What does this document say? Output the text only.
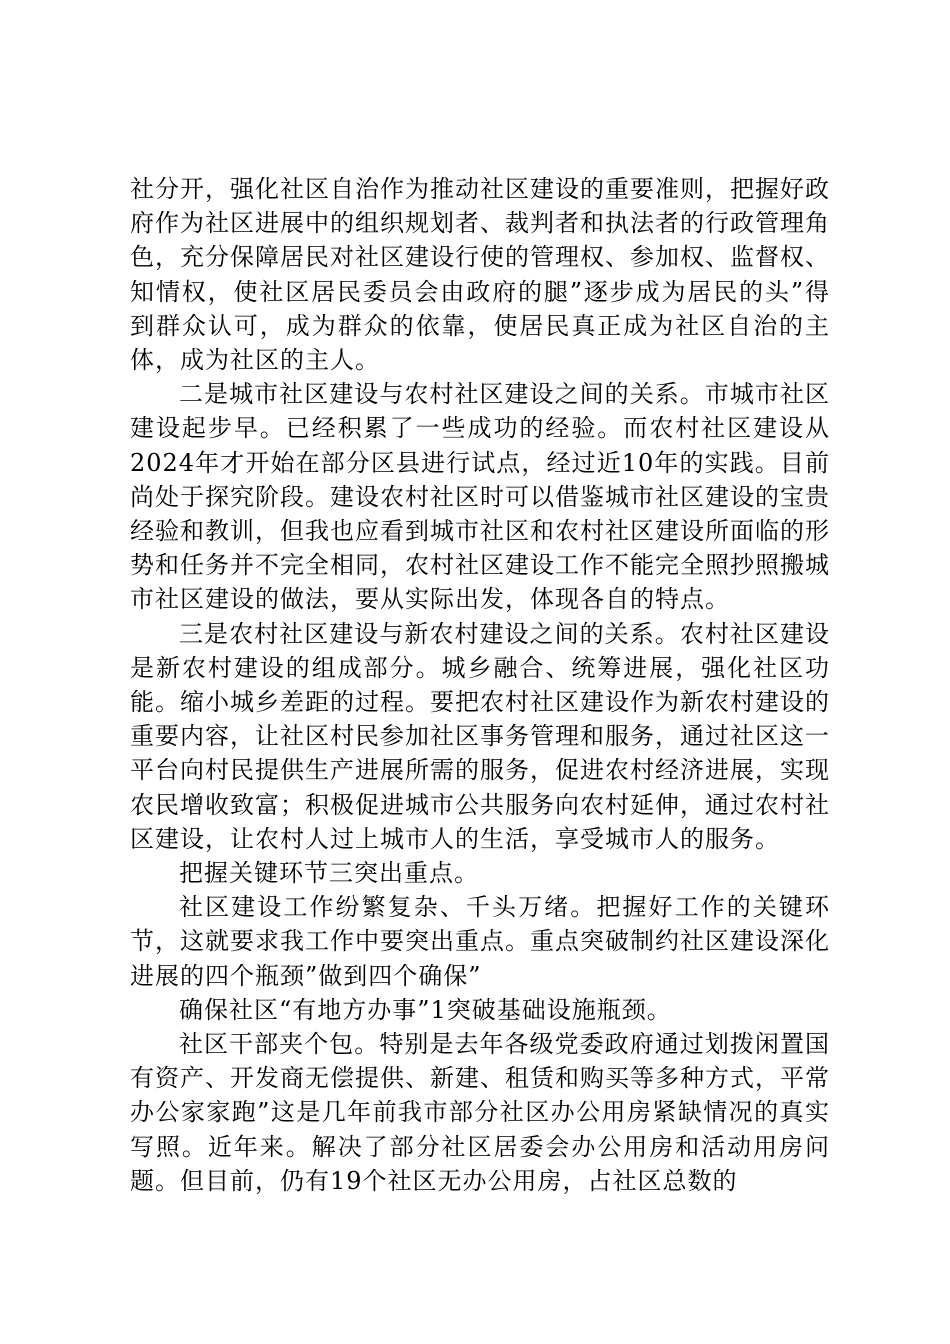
社分开，强化社区自治作为推动社区建设的重要准则，把握好政府作为社区进展中的组织规划者、裁判者和执法者的行政管理角色，充分保障居民对社区建设行使的管理权、参加权、监督权、知情权，使社区居民委员会由政府的腿”逐步成为居民的头”得到群众认可，成为群众的依靠，使居民真正成为社区自治的主体，成为社区的主人。

二是城市社区建设与农村社区建设之间的关系。市城市社区建设起步早。已经积累了一些成功的经验。而农村社区建设从2024年才开始在部分区县进行试点，经过近10年的实践。目前尚处于探究阶段。建设农村社区时可以借鉴城市社区建设的宝贵经验和教训，但我也应看到城市社区和农村社区建设所面临的形势和任务并不完全相同，农村社区建设工作不能完全照抄照搬城市社区建设的做法，要从实际出发，体现各自的特点。

三是农村社区建设与新农村建设之间的关系。农村社区建设是新农村建设的组成部分。城乡融合、统筹进展，强化社区功能。缩小城乡差距的过程。要把农村社区建设作为新农村建设的重要内容，让社区村民参加社区事务管理和服务，通过社区这一平台向村民提供生产进展所需的服务，促进农村经济进展，实现农民增收致富；积极促进城市公共服务向农村延伸，通过农村社区建设，让农村人过上城市人的生活，享受城市人的服务。

把握关键环节三突出重点。

社区建设工作纷繁复杂、千头万绪。把握好工作的关键环节，这就要求我工作中要突出重点。重点突破制约社区建设深化进展的四个瓶颈”做到四个确保”

确保社区“有地方办事”1突破基础设施瓶颈。

社区干部夹个包。特别是去年各级党委政府通过划拨闲置国有资产、开发商无偿提供、新建、租赁和购买等多种方式，平常办公家家跑”这是几年前我市部分社区办公用房紧缺情况的真实写照。近年来。解决了部分社区居委会办公用房和活动用房问题。但目前，仍有19个社区无办公用房，占社区总数的
